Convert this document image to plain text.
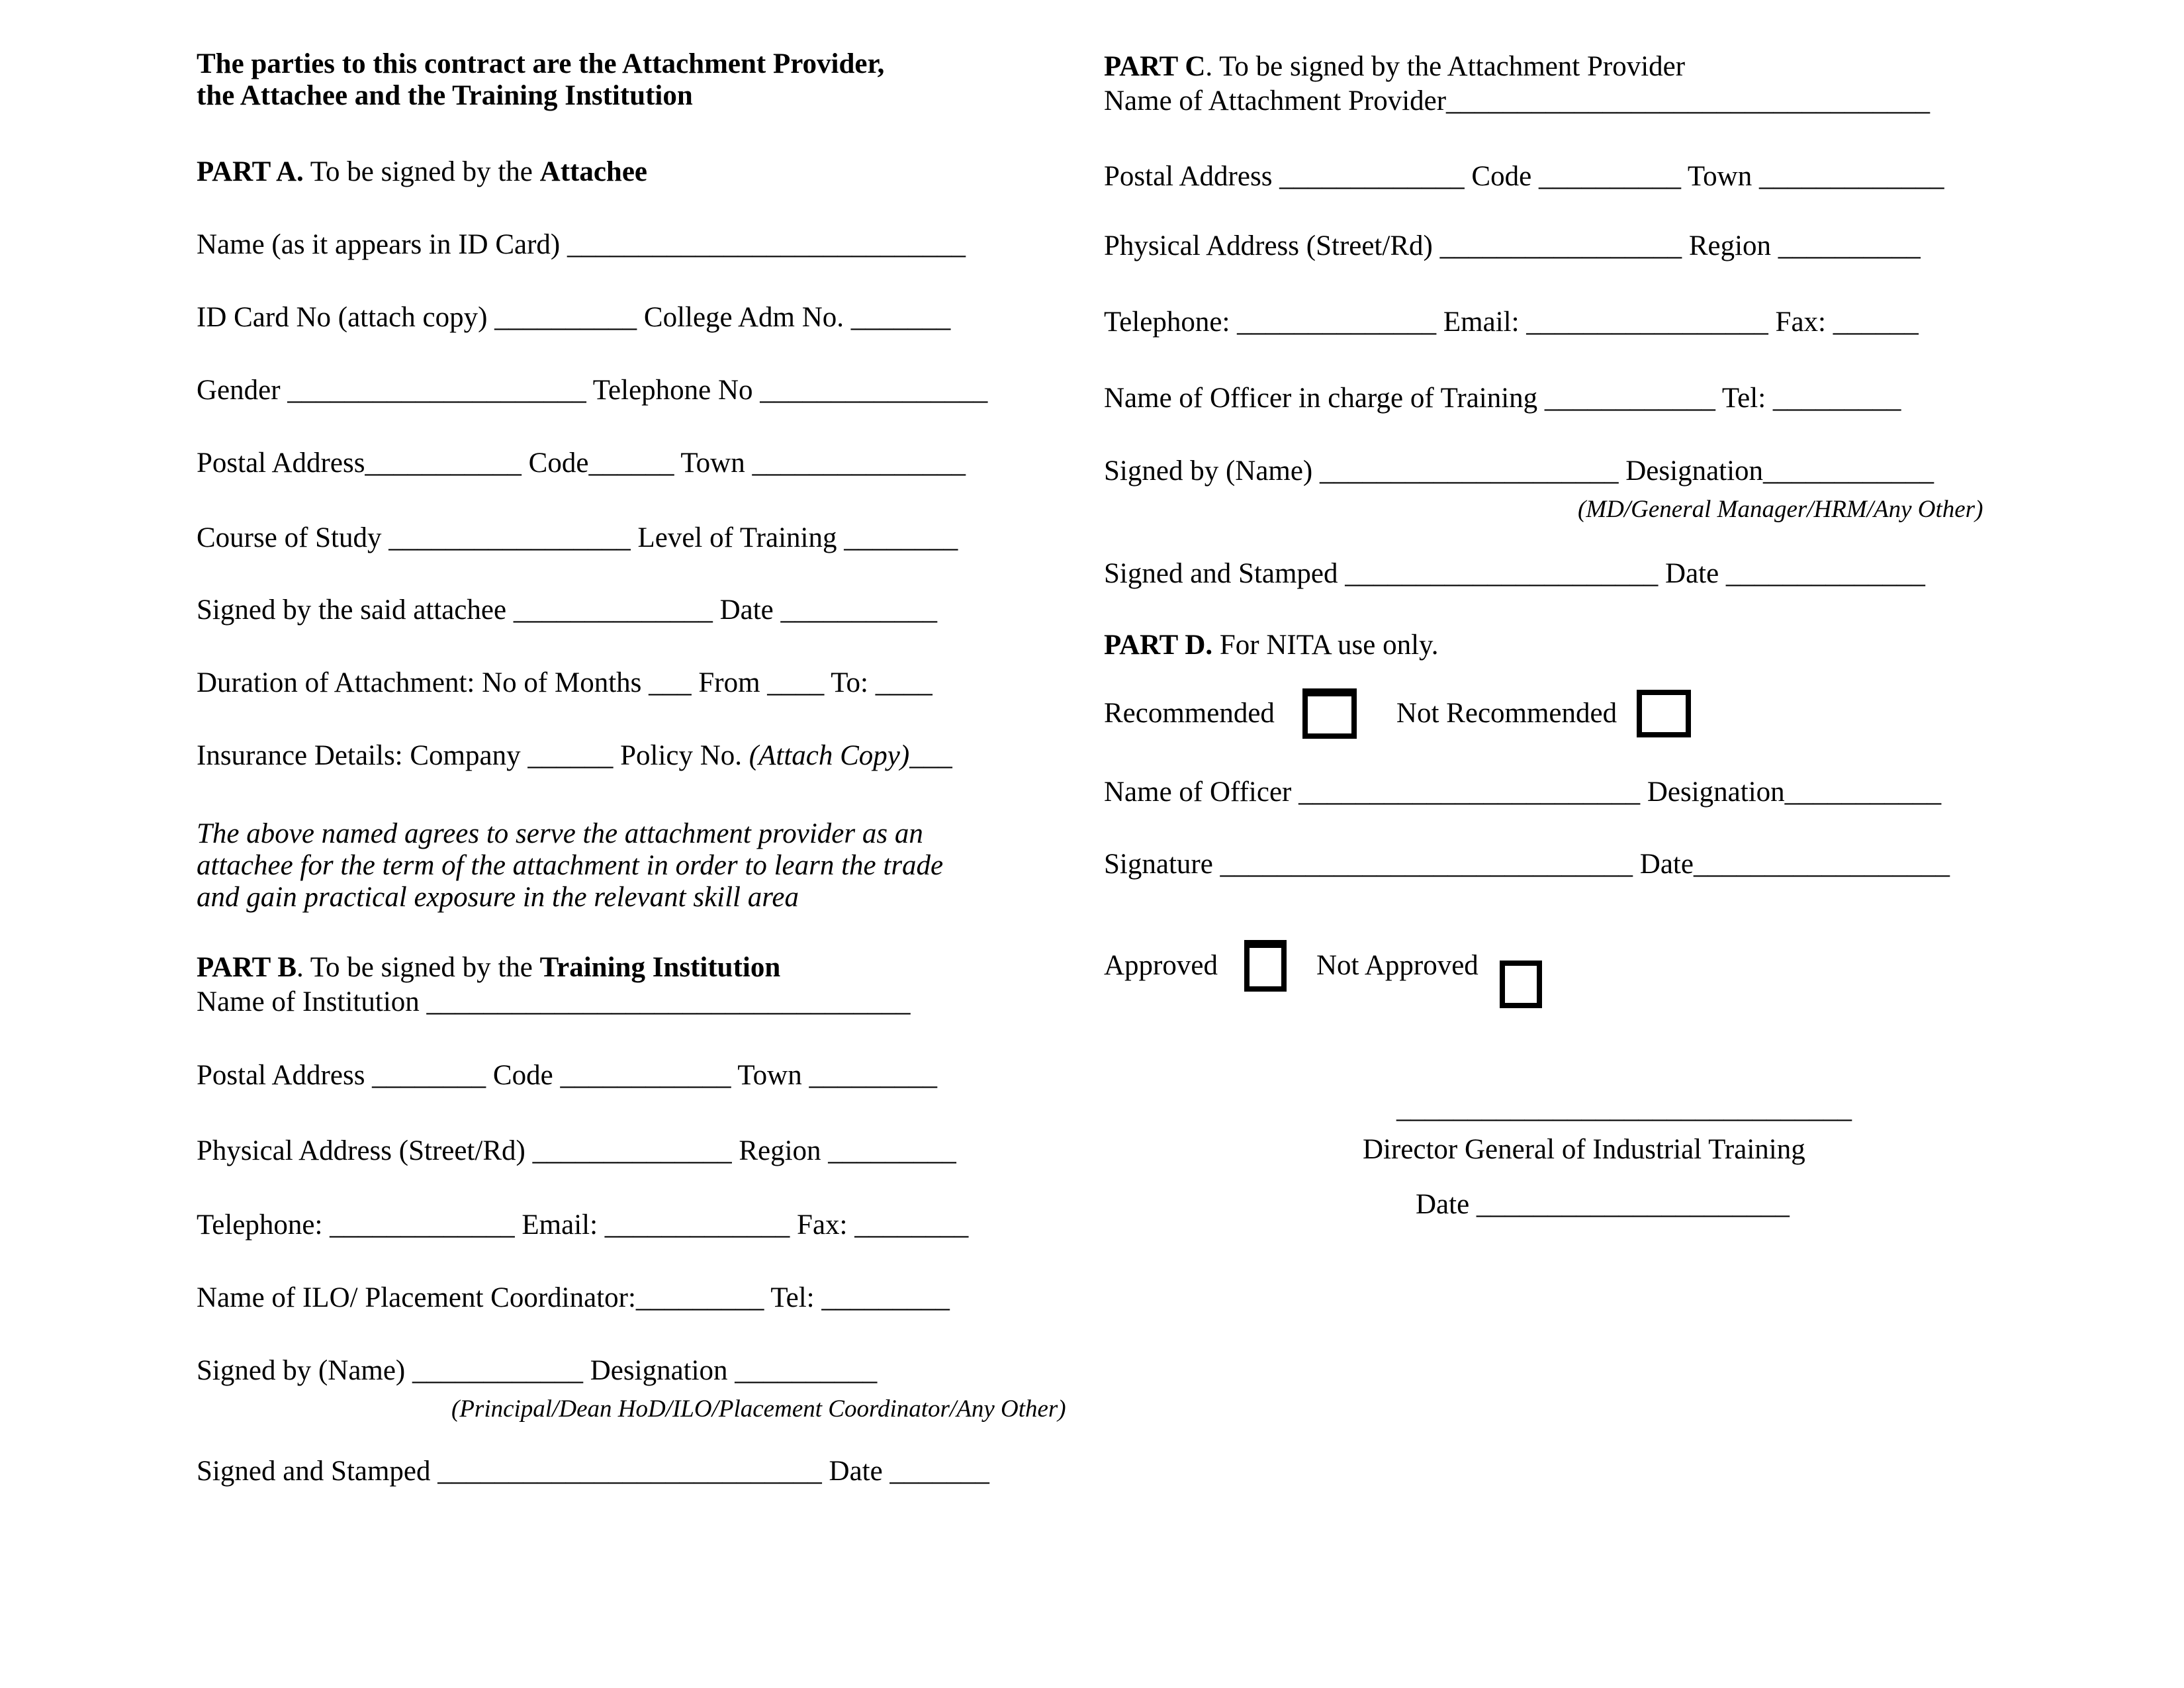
The parties to this contract are the Attachment Provider,
the Attachee and the Training Institution
PART A. To be signed by the Attachee
Name (as it appears in ID Card) ____________________________
ID Card No (attach copy) __________ College Adm No. _______
Gender _____________________ Telephone No ________________
Postal Address___________ Code______ Town _______________
Course of Study _________________ Level of Training ________
Signed by the said attachee ______________ Date ___________
Duration of Attachment: No of Months ___ From ____ To: ____
Insurance Details: Company ______ Policy No. (Attach Copy)___
The above named agrees to serve the attachment provider as an
attachee for the term of the attachment in order to learn the trade
and gain practical exposure in the relevant skill area
PART B. To be signed by the Training Institution
Name of Institution __________________________________
Postal Address ________ Code ____________ Town _________
Physical Address (Street/Rd) ______________ Region _________
Telephone: _____________ Email: _____________ Fax: ________
Name of ILO/ Placement Coordinator:_________ Tel: _________
Signed by (Name) ____________ Designation __________
(Principal/Dean HoD/ILO/Placement Coordinator/Any Other)
Signed and Stamped ___________________________ Date _______
PART C. To be signed by the Attachment Provider
Name of Attachment Provider__________________________________
Postal Address _____________ Code __________ Town _____________
Physical Address (Street/Rd) _________________ Region __________
Telephone: ______________ Email: _________________ Fax: ______
Name of Officer in charge of Training ____________ Tel: _________
Signed by (Name) _____________________ Designation____________
(MD/General Manager/HRM/Any Other)
Signed and Stamped ______________________ Date ______________
PART D. For NITA use only.
Recommended	Not Recommended
Name of Officer ________________________ Designation___________
Signature _____________________________ Date__________________
Approved	Not Approved
________________________________
Director General of Industrial Training
Date ______________________
